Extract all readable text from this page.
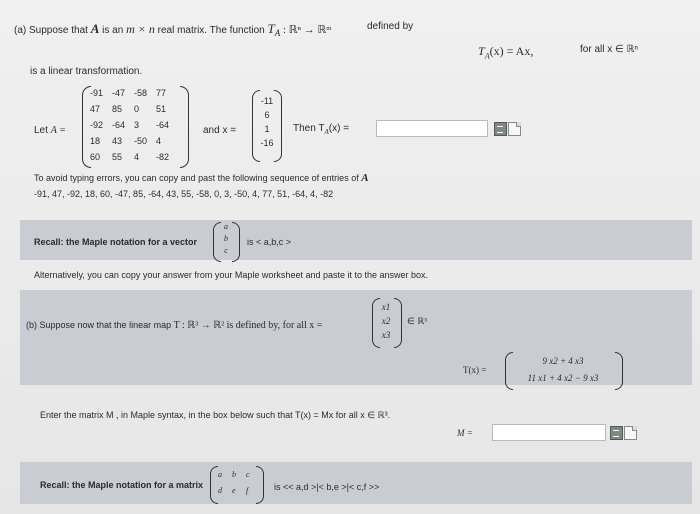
(a) Suppose that A is an m × n real matrix. The function $T_A$ : ℝⁿ → ℝᵐ	defined by
$T_A(x) = Ax$,	for all x ∈ ℝⁿ
is a linear transformation.
Let A =
-91 -47 -58 77
47	85	0	51
-92 -64 3	-64
18	43	-50 4
60	55	4	-82
and x =
-11
6
1
-16
Then $T_A(x)$ =
To avoid typing errors, you can copy and past the following sequence of entries of A
-91, 47, -92, 18, 60, -47, 85, -64, 43, 55, -58, 0, 3, -50, 4, 77, 51, -64, 4, -82
Recall: the Maple notation for a vector
a
b
c
is < a,b,c >
Alternatively, you can copy your answer from your Maple worksheet and paste it to the answer box.
(b) Suppose now that the linear map T : ℝ³ → ℝ² is defined by, for all x =
x1
x2
x3
∈ ℝ³
T(x) =
9 x2 + 4 x3
11 x1 + 4 x2 − 9 x3
Enter the matrix M , in Maple syntax, in the box below such that T(x) = Mx for all x ∈ ℝ³.
M =
Recall: the Maple notation for a matrix
a b c
d e f	is << a,d >|< b,e >|< c,f >>
